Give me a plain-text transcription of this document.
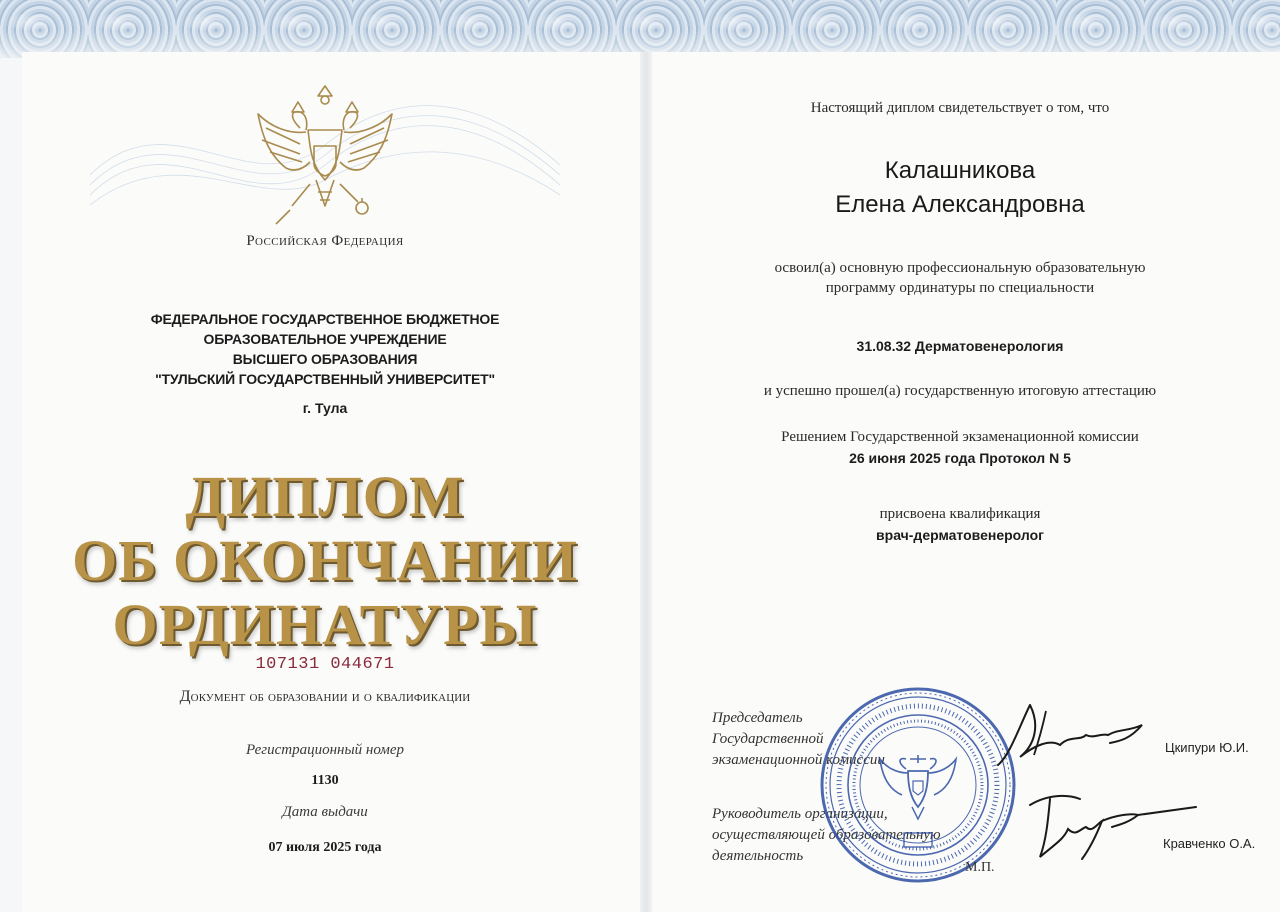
Российская Федерация

ФЕДЕРАЛЬНОЕ ГОСУДАРСТВЕННОЕ БЮДЖЕТНОЕ
ОБРАЗОВАТЕЛЬНОЕ УЧРЕЖДЕНИЕ
ВЫСШЕГО ОБРАЗОВАНИЯ
"ТУЛЬСКИЙ ГОСУДАРСТВЕННЫЙ УНИВЕРСИТЕТ"

г. Тула

ДИПЛОМ

ОБ ОКОНЧАНИИ

ОРДИНАТУРЫ

107131 044671

Документ об образовании и о квалификации

Регистрационный номер

1130

Дата выдачи

07 июля 2025 года

Настоящий диплом свидетельствует о том, что

Калашникова

Елена Александровна

освоил(а) основную профессиональную образовательную
программу ординатуры по специальности

31.08.32 Дерматовенерология

и успешно прошел(а) государственную итоговую аттестацию

Решением Государственной экзаменационной комиссии

26 июня 2025 года Протокол N 5

присвоена квалификация

врач-дерматовенеролог

Председатель
Государственной
экзаменационной комиссии

Цкипури Ю.И.

Руководитель организации,
осуществляющей образовательную
деятельность

Кравченко О.А.

М.П.
